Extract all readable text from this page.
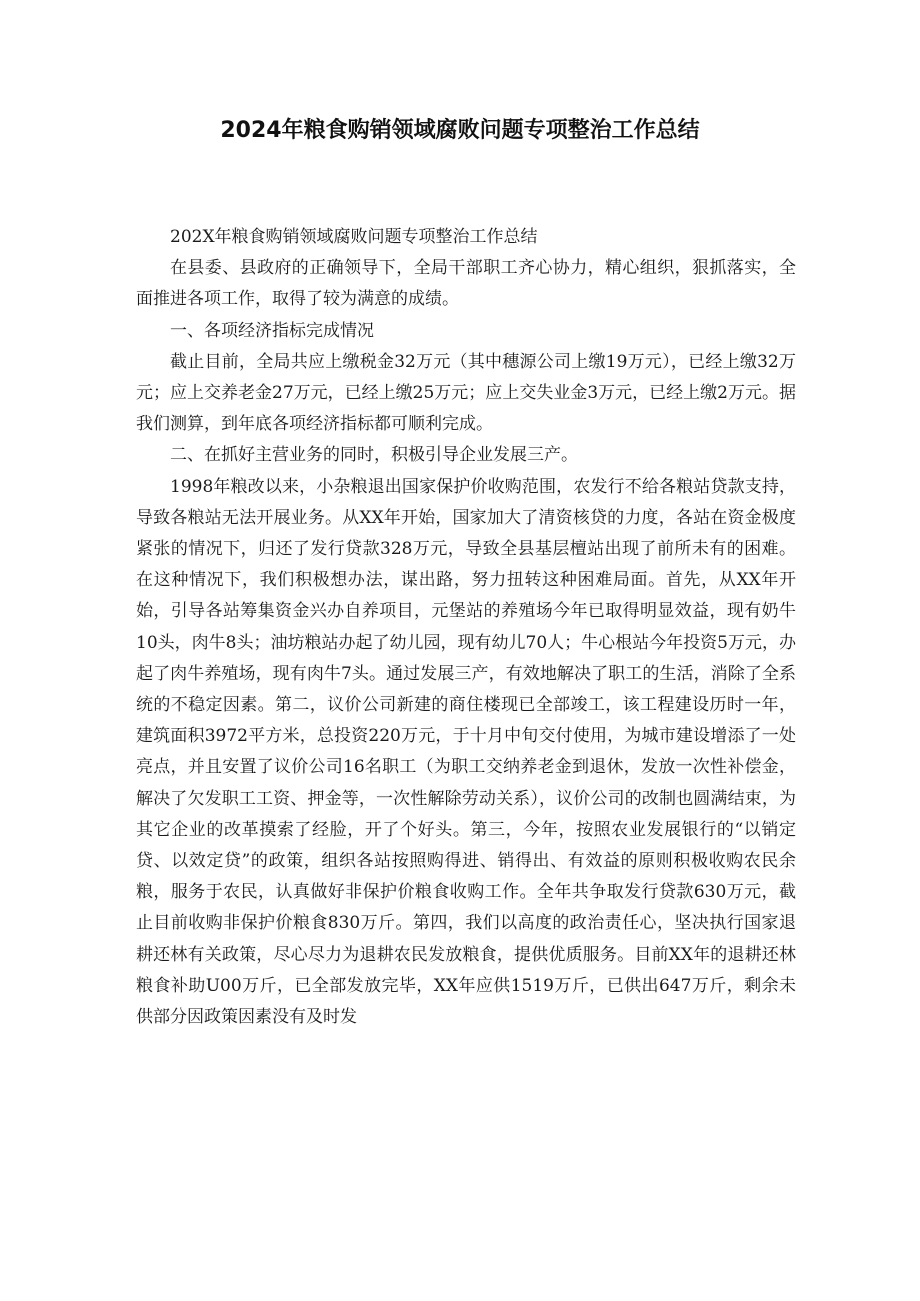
2024年粮食购销领域腐败问题专项整治工作总结

202X年粮食购销领域腐败问题专项整治工作总结

在县委、县政府的正确领导下，全局干部职工齐心协力，精心组织，狠抓落实，全面推进各项工作，取得了较为满意的成绩。

一、各项经济指标完成情况

截止目前，全局共应上缴税金32万元（其中穗源公司上缴19万元），已经上缴32万元；应上交养老金27万元，已经上缴25万元；应上交失业金3万元，已经上缴2万元。据我们测算，到年底各项经济指标都可顺利完成。

二、在抓好主营业务的同时，积极引导企业发展三产。

1998年粮改以来，小杂粮退出国家保护价收购范围，农发行不给各粮站贷款支持，导致各粮站无法开展业务。从XX年开始，国家加大了清资核贷的力度，各站在资金极度紧张的情况下，归还了发行贷款328万元，导致全县基层檀站出现了前所未有的困难。在这种情况下，我们积极想办法，谋出路，努力扭转这种困难局面。首先，从XX年开始，引导各站筹集资金兴办自养项目，元堡站的养殖场今年已取得明显效益，现有奶牛10头，肉牛8头；油坊粮站办起了幼儿园，现有幼儿70人；牛心根站今年投资5万元，办起了肉牛养殖场，现有肉牛7头。通过发展三产，有效地解决了职工的生活，消除了全系统的不稳定因素。第二，议价公司新建的商住楼现已全部竣工，该工程建设历时一年，建筑面积3972平方米，总投资220万元，于十月中旬交付使用，为城市建设增添了一处亮点，并且安置了议价公司16名职工（为职工交纳养老金到退休，发放一次性补偿金，解决了欠发职工工资、押金等，一次性解除劳动关系），议价公司的改制也圆满结束，为其它企业的改革摸索了经脸，开了个好头。第三，今年，按照农业发展银行的“以销定贷、以效定贷”的政策，组织各站按照购得进、销得出、有效益的原则积极收购农民余粮，服务于农民，认真做好非保护价粮食收购工作。全年共争取发行贷款630万元，截止目前收购非保护价粮食830万斤。第四，我们以高度的政治责任心，坚决执行国家退耕还林有关政策，尽心尽力为退耕农民发放粮食，提供优质服务。目前XX年的退耕还林粮食补助U00万斤，已全部发放完毕，XX年应供1519万斤，已供出647万斤，剩余未供部分因政策因素没有及时发
